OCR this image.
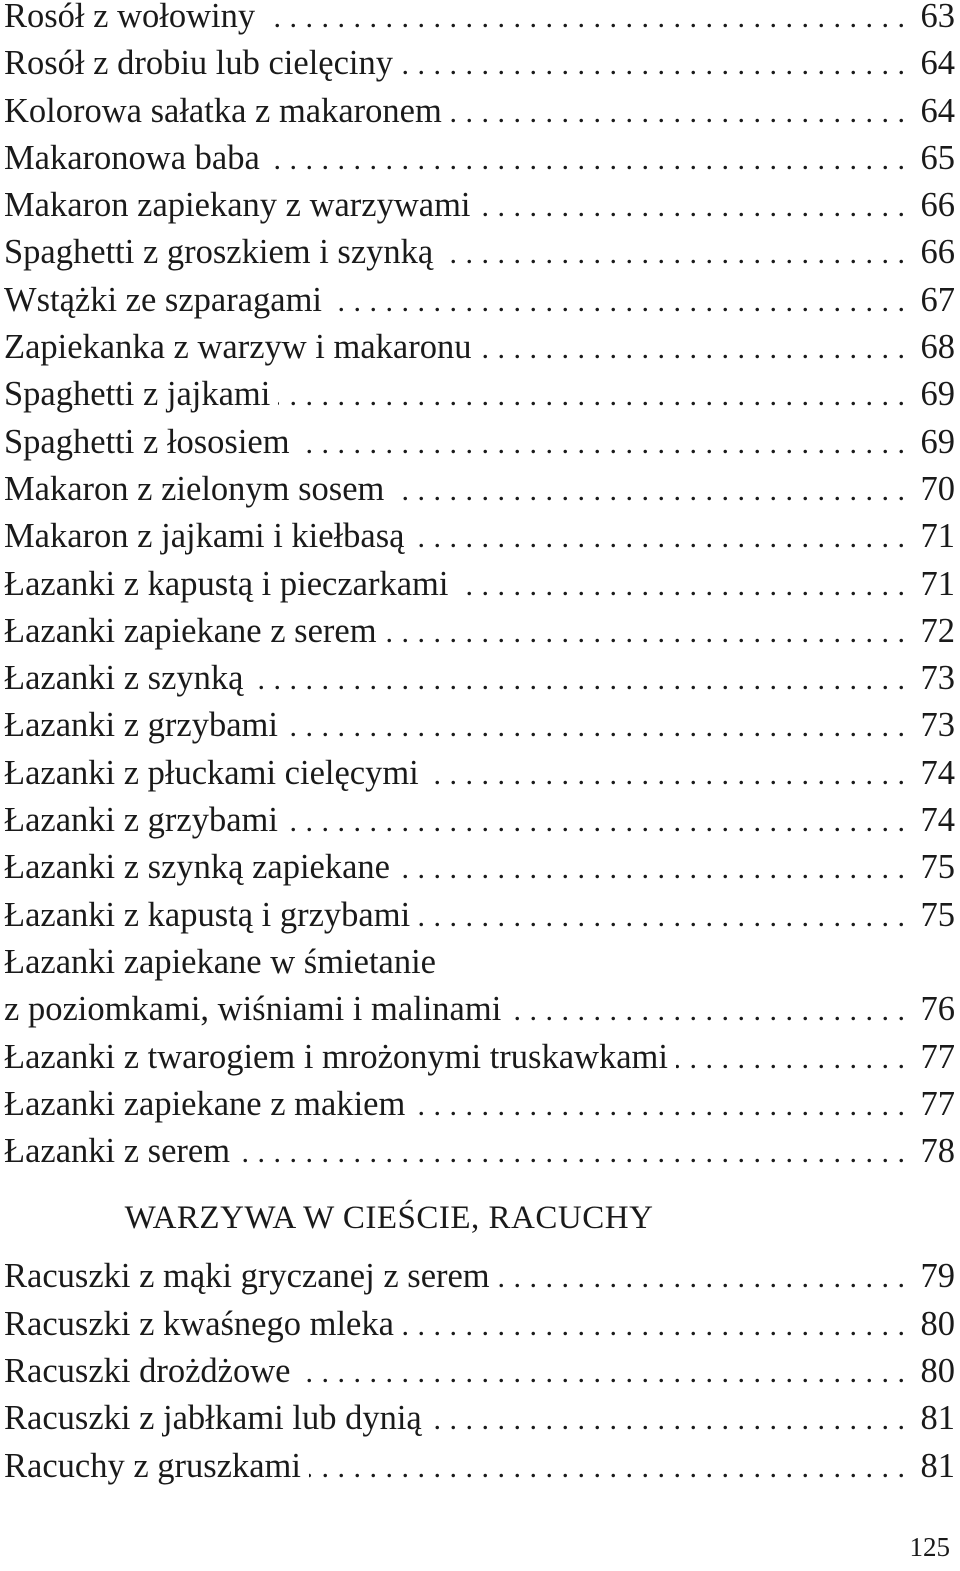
Rosół z wołowiny . . .	63
Rosół z drobiu lub cielęciny . . .	64
Kolorowa sałatka z makaronem . . .	64
Makaronowa baba . . .	65
Makaron zapiekany z warzywami . . .	66
Spaghetti z groszkiem i szynką . . .	66
Wstążki ze szparagami . . .	67
Zapiekanka z warzyw i makaronu . . .	68
Spaghetti z jajkami . . .	69
Spaghetti z łososiem . . .	69
Makaron z zielonym sosem . . .	70
Makaron z jajkami i kiełbasą . . .	71
Łazanki z kapustą i pieczarkami . . .	71
Łazanki zapiekane z serem . . .	72
Łazanki z szynką . . .	73
Łazanki z grzybami . . .	73
Łazanki z płuckami cielęcymi . . .	74
Łazanki z grzybami . . .	74
Łazanki z szynką zapiekane . . .	75
Łazanki z kapustą i grzybami . . .	75
Łazanki zapiekane w śmietanie
z poziomkami, wiśniami i malinami . . .	76
Łazanki z twarogiem i mrożonymi truskawkami . . .	77
Łazanki zapiekane z makiem . . .	77
Łazanki z serem . . .	78
WARZYWA W CIEŚCIE, RACUCHY
Racuszki z mąki gryczanej z serem . . .	79
Racuszki z kwaśnego mleka . . .	80
Racuszki drożdżowe . . .	80
Racuszki z jabłkami lub dynią . . .	81
Racuchy z gruszkami . . .	81
125
